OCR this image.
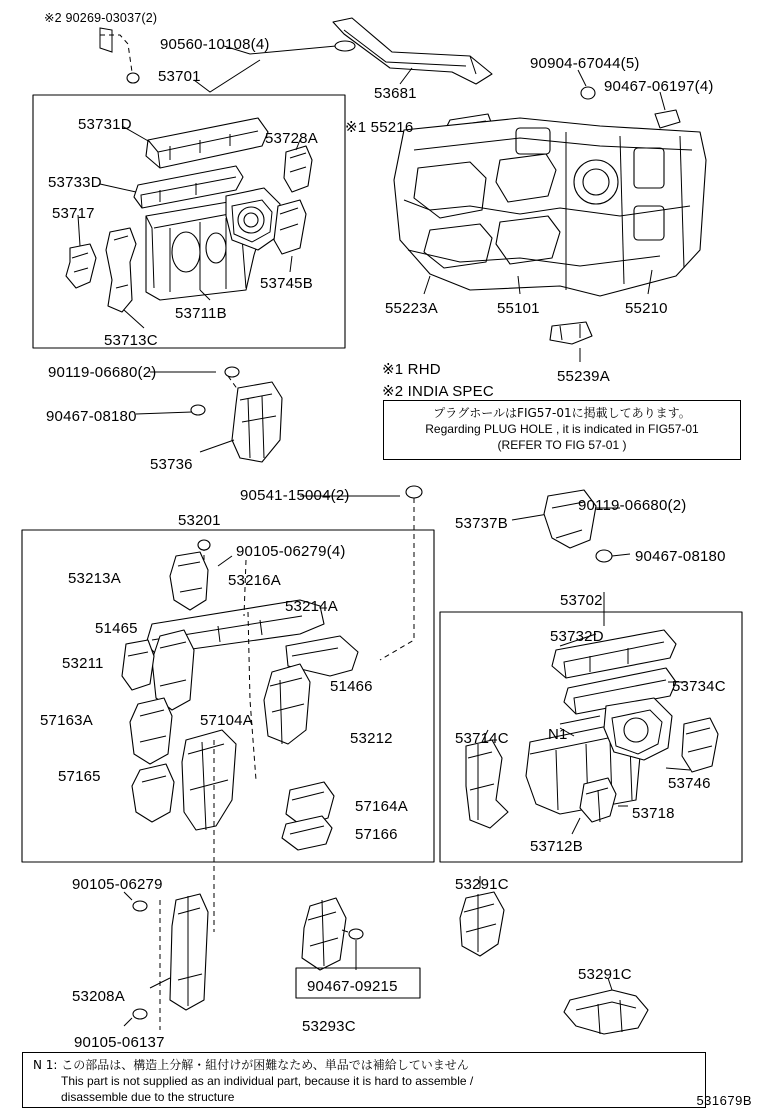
※2 90269-03037(2)
90560-10108(4)
53701
53731D
53728A
53733D
53717
53745B
53711B
53713C
53681
※1 55216
90904-67044(5)
90467-06197(4)
55223A	55101	55210
55239A
90119-06680(2)
90467-08180
53736
90541-15004(2)
53201	53737B
90119-06680(2)
90467-08180
90105-06279(4)
53213A	53216A
53214A
51465
53211
51466
53212
57163A	57104A
57165
57164A
57166
53702
53732D
53734C
53714C	N1
53746
53718
53712B
90105-06279	53291C
53208A
90467-09215
53293C
53291C
90105-06137
※1 RHD
※2 INDIA SPEC
プラグホールはFIG57-01に掲載してあります。
Regarding PLUG HOLE , it is indicated in FIG57-01
(REFER TO FIG 57-01 )
N 1: この部品は、構造上分解・組付けが困難なため、単品では補給していません
This part is not supplied as an individual part, because it is hard to assemble /
disassemble due to the structure	531679B
